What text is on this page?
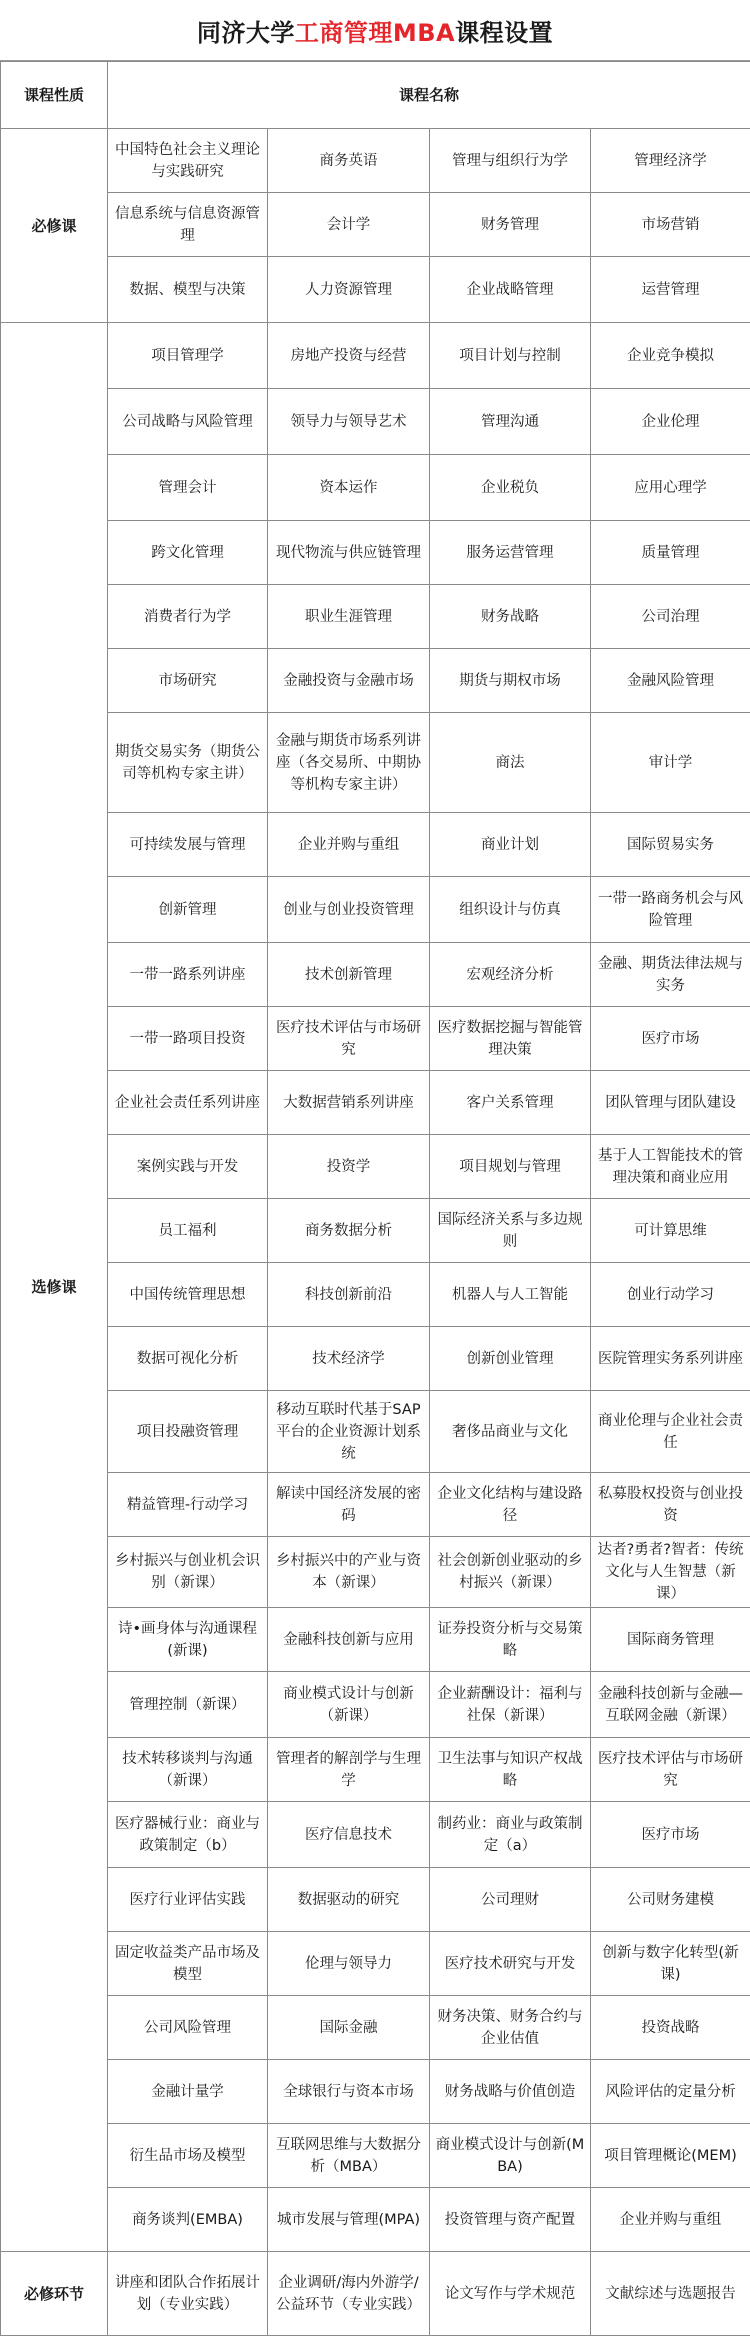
同济大学 工商管理MBA 课程设置
课程性质	课程名称			
必修课	中国特色社会主义理论与实践研究	商务英语	管理与组织行为学	管理经济学
	信息系统与信息资源管理	会计学	财务管理	市场营销
	数据、模型与决策	人力资源管理	企业战略管理	运营管理
选修课	项目管理学	房地产投资与经营	项目计划与控制	企业竞争模拟
	公司战略与风险管理	领导力与领导艺术	管理沟通	企业伦理
	管理会计	资本运作	企业税负	应用心理学
	跨文化管理	现代物流与供应链管理	服务运营管理	质量管理
	消费者行为学	职业生涯管理	财务战略	公司治理
	市场研究	金融投资与金融市场	期货与期权市场	金融风险管理
	期货交易实务（期货公司等机构专家主讲）	金融与期货市场系列讲座（各交易所、中期协等机构专家主讲）	商法	审计学
	可持续发展与管理	企业并购与重组	商业计划	国际贸易实务
	创新管理	创业与创业投资管理	组织设计与仿真	一带一路商务机会与风险管理
	一带一路系列讲座	技术创新管理	宏观经济分析	金融、期货法律法规与实务
	一带一路项目投资	医疗技术评估与市场研究	医疗数据挖掘与智能管理决策	医疗市场
	企业社会责任系列讲座	大数据营销系列讲座	客户关系管理	团队管理与团队建设
	案例实践与开发	投资学	项目规划与管理	基于人工智能技术的管理决策和商业应用
	员工福利	商务数据分析	国际经济关系与多边规则	可计算思维
	中国传统管理思想	科技创新前沿	机器人与人工智能	创业行动学习
	数据可视化分析	技术经济学	创新创业管理	医院管理实务系列讲座
	项目投融资管理	移动互联时代基于SAP平台的企业资源计划系统	奢侈品商业与文化	商业伦理与企业社会责任
	精益管理-行动学习	解读中国经济发展的密码	企业文化结构与建设路径	私募股权投资与创业投资
	乡村振兴与创业机会识别（新课）	乡村振兴中的产业与资本（新课）	社会创新创业驱动的乡村振兴（新课）	达者?勇者?智者：传统文化与人生智慧（新课）
	诗•画身体与沟通课程(新课)	金融科技创新与应用	证券投资分析与交易策略	国际商务管理
	管理控制（新课）	商业模式设计与创新（新课）	企业薪酬设计：福利与社保（新课）	金融科技创新与金融—互联网金融（新课）
	技术转移谈判与沟通（新课）	管理者的解剖学与生理学	卫生法事与知识产权战略	医疗技术评估与市场研究
	医疗器械行业：商业与政策制定（b）	医疗信息技术	制药业：商业与政策制定（a）	医疗市场
	医疗行业评估实践	数据驱动的研究	公司理财	公司财务建模
	固定收益类产品市场及模型	伦理与领导力	医疗技术研究与开发	创新与数字化转型(新课)
	公司风险管理	国际金融	财务决策、财务合约与企业估值	投资战略
	金融计量学	全球银行与资本市场	财务战略与价值创造	风险评估的定量分析
	衍生品市场及模型	互联网思维与大数据分析（MBA）	商业模式设计与创新(MBA)	项目管理概论(MEM)
	商务谈判(EMBA)	城市发展与管理(MPA)	投资管理与资产配置	企业并购与重组
必修环节	讲座和团队合作拓展计划（专业实践）	企业调研/海内外游学/公益环节（专业实践）	论文写作与学术规范	文献综述与选题报告
